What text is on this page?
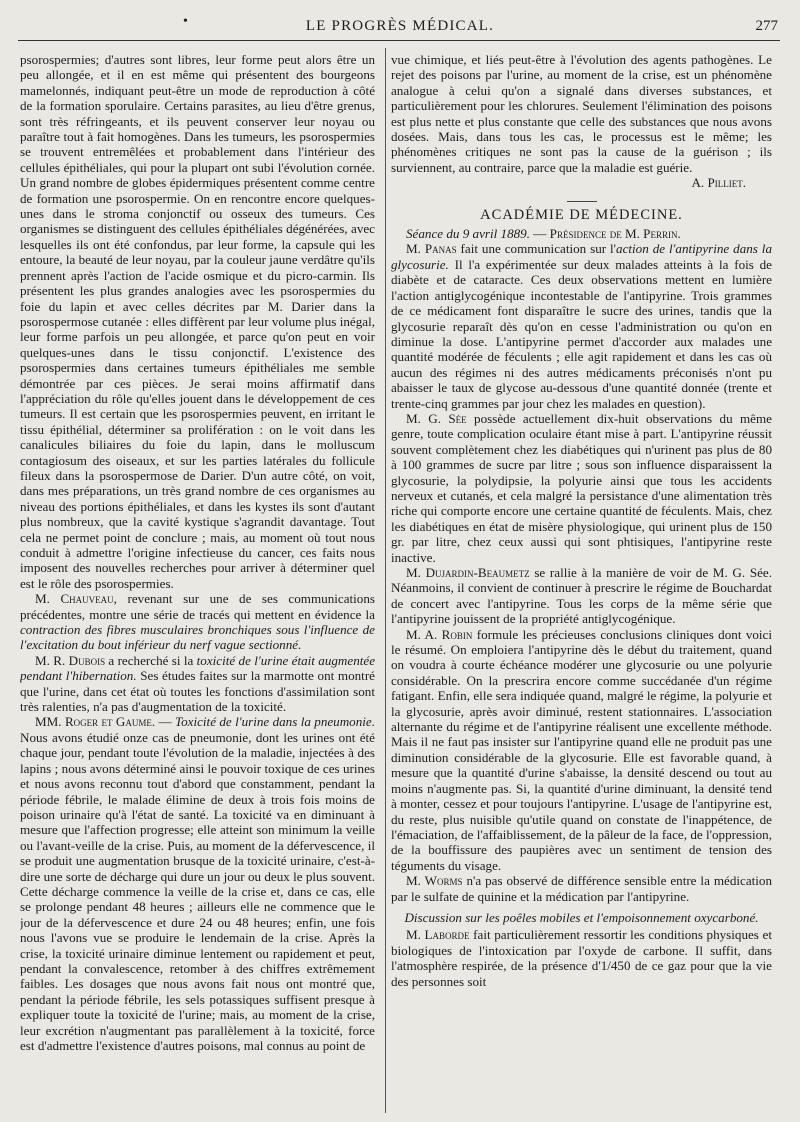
•	LE PROGRÈS MÉDICAL.	277

psorospermies; d'autres sont libres, leur forme peut alors être un peu allongée, et il en est même qui présentent des bourgeons mamelonnés, indiquant peut-être un mode de reproduction à côté de la formation sporulaire. Certains parasites, au lieu d'être grenus, sont très réfringeants, et ils peuvent conserver leur noyau ou paraître tout à fait homogènes. Dans les tumeurs, les psorospermies se trouvent entremêlées et probablement dans l'intérieur des cellules épithéliales, qui pour la plupart ont subi l'évolution cornée. Un grand nombre de globes épidermiques présentent comme centre de formation une psorospermie. On en rencontre encore quelques-unes dans le stroma conjonctif ou osseux des tumeurs. Ces organismes se distinguent des cellules épithéliales dégénérées, avec lesquelles ils ont été confondus, par leur forme, la capsule qui les entoure, la beauté de leur noyau, par la couleur jaune verdâtre qu'ils prennent après l'action de l'acide osmique et du picro-carmin. Ils présentent les plus grandes analogies avec les psorospermies du foie du lapin et avec celles décrites par M. Darier dans la psorospermose cutanée : elles diffèrent par leur volume plus inégal, leur forme parfois un peu allongée, et parce qu'on peut en voir quelques-unes dans le tissu conjonctif. L'existence des psorospermies dans certaines tumeurs épithéliales me semble démontrée par ces pièces. Je serai moins affirmatif dans l'appréciation du rôle qu'elles jouent dans le développement de ces tumeurs. Il est certain que les psorospermies peuvent, en irritant le tissu épithélial, déterminer sa prolifération : on le voit dans les canalicules biliaires du foie du lapin, dans le molluscum contagiosum des oiseaux, et sur les parties latérales du follicule fileux dans la psorospermose de Darier. D'un autre côté, on voit, dans mes préparations, un très grand nombre de ces organismes au niveau des portions épithéliales, et dans les kystes ils sont d'autant plus nombreux, que la cavité kystique s'agrandit davantage. Tout cela ne permet point de conclure ; mais, au moment où tout nous conduit à admettre l'origine infectieuse du cancer, ces faits nous imposent des nouvelles recherches pour arriver à déterminer quel est le rôle des psorospermies.

M. Chauveau, revenant sur une de ses communications précédentes, montre une série de tracés qui mettent en évidence la contraction des fibres musculaires bronchiques sous l'influence de l'excitation du bout inférieur du nerf vague sectionné.

M. R. Dubois a recherché si la toxicité de l'urine était augmentée pendant l'hibernation. Ses études faites sur la marmotte ont montré que l'urine, dans cet état où toutes les fonctions d'assimilation sont très ralenties, n'a pas d'augmentation de la toxicité.

MM. Roger et Gaume. — Toxicité de l'urine dans la pneumonie. Nous avons étudié onze cas de pneumonie, dont les urines ont été chaque jour, pendant toute l'évolution de la maladie, injectées à des lapins ; nous avons déterminé ainsi le pouvoir toxique de ces urines et nous avons reconnu tout d'abord que constamment, pendant la période fébrile, le malade élimine de deux à trois fois moins de poison urinaire qu'à l'état de santé. La toxicité va en diminuant à mesure que l'affection progresse; elle atteint son minimum la veille ou l'avant-veille de la crise. Puis, au moment de la défervescence, il se produit une augmentation brusque de la toxicité urinaire, c'est-à-dire une sorte de décharge qui dure un jour ou deux le plus souvent. Cette décharge commence la veille de la crise et, dans ce cas, elle se prolonge pendant 48 heures ; ailleurs elle ne commence que le jour de la défervescence et dure 24 ou 48 heures; enfin, une fois nous l'avons vue se produire le lendemain de la crise. Après la crise, la toxicité urinaire diminue lentement ou rapidement et peut, pendant la convalescence, retomber à des chiffres extrêmement faibles. Les dosages que nous avons fait nous ont montré que, pendant la période fébrile, les sels potassiques suffisent presque à expliquer toute la toxicité de l'urine; mais, au moment de la crise, leur excrétion n'augmentant pas parallèlement à la toxicité, force est d'admettre l'existence d'autres poisons, mal connus au point de

vue chimique, et liés peut-être à l'évolution des agents pathogènes. Le rejet des poisons par l'urine, au moment de la crise, est un phénomène analogue à celui qu'on a signalé dans diverses substances, et particulièrement pour les chlorures. Seulement l'élimination des poisons est plus nette et plus constante que celle des substances que nous avons dosées. Mais, dans tous les cas, le processus est le même; les phénomènes critiques ne sont pas la cause de la guérison ; ils surviennent, au contraire, parce que la maladie est guérie.

A. Pilliet.

ACADÉMIE DE MÉDECINE.

Séance du 9 avril 1889. — Présidence de M. Perrin.

M. Panas fait une communication sur l'action de l'antipyrine dans la glycosurie. Il l'a expérimentée sur deux malades atteints à la fois de diabète et de cataracte. Ces deux observations mettent en lumière l'action antiglycogénique incontestable de l'antipyrine. Trois grammes de ce médicament font disparaître le sucre des urines, tandis que la glycosurie reparaît dès qu'on en cesse l'administration ou qu'on en diminue la dose. L'antipyrine permet d'accorder aux malades une quantité modérée de féculents ; elle agit rapidement et dans les cas où aucun des régimes ni des autres médicaments préconisés n'ont pu abaisser le taux de glycose au-dessous d'une quantité donnée (trente et trente-cinq grammes par jour chez les malades en question).

M. G. Sée possède actuellement dix-huit observations du même genre, toute complication oculaire étant mise à part. L'antipyrine réussit souvent complètement chez les diabétiques qui n'urinent pas plus de 80 à 100 grammes de sucre par litre ; sous son influence disparaissent la glycosurie, la polydipsie, la polyurie ainsi que tous les accidents nerveux et cutanés, et cela malgré la persistance d'une alimentation très riche qui comporte encore une certaine quantité de féculents. Mais, chez les diabétiques en état de misère physiologique, qui urinent plus de 150 gr. par litre, chez ceux aussi qui sont phtisiques, l'antipyrine reste inactive.

M. Dujardin-Beaumetz se rallie à la manière de voir de M. G. Sée. Néanmoins, il convient de continuer à prescrire le régime de Bouchardat de concert avec l'antipyrine. Tous les corps de la même série que l'antipyrine jouissent de la propriété antiglycogénique.

M. A. Robin formule les précieuses conclusions cliniques dont voici le résumé. On emploiera l'antipyrine dès le début du traitement, quand on voudra à courte échéance modérer une glycosurie ou une polyurie considérable. On la prescrira encore comme succédanée d'un régime fatigant. Enfin, elle sera indiquée quand, malgré le régime, la polyurie et la glycosurie, après avoir diminué, restent stationnaires. L'association alternante du régime et de l'antipyrine réalisent une excellente méthode. Mais il ne faut pas insister sur l'antipyrine quand elle ne produit pas une diminution considérable de la glycosurie. Elle est favorable quand, à mesure que la quantité d'urine s'abaisse, la densité descend ou tout au moins n'augmente pas. Si, la quantité d'urine diminuant, la densité tend à monter, cessez et pour toujours l'antipyrine. L'usage de l'antipyrine est, du reste, plus nuisible qu'utile quand on constate de l'inappétence, de l'émaciation, de l'affaiblissement, de la pâleur de la face, de l'oppression, de la bouffissure des paupières avec un sentiment de tension des téguments du visage.

M. Worms n'a pas observé de différence sensible entre la médication par le sulfate de quinine et la médication par l'antipyrine.

Discussion sur les poêles mobiles et l'empoisonnement oxycarboné.

M. Laborde fait particulièrement ressortir les conditions physiques et biologiques de l'intoxication par l'oxyde de carbone. Il suffit, dans l'atmosphère respirée, de la présence d'1/450 de ce gaz pour que la vie des personnes soit
